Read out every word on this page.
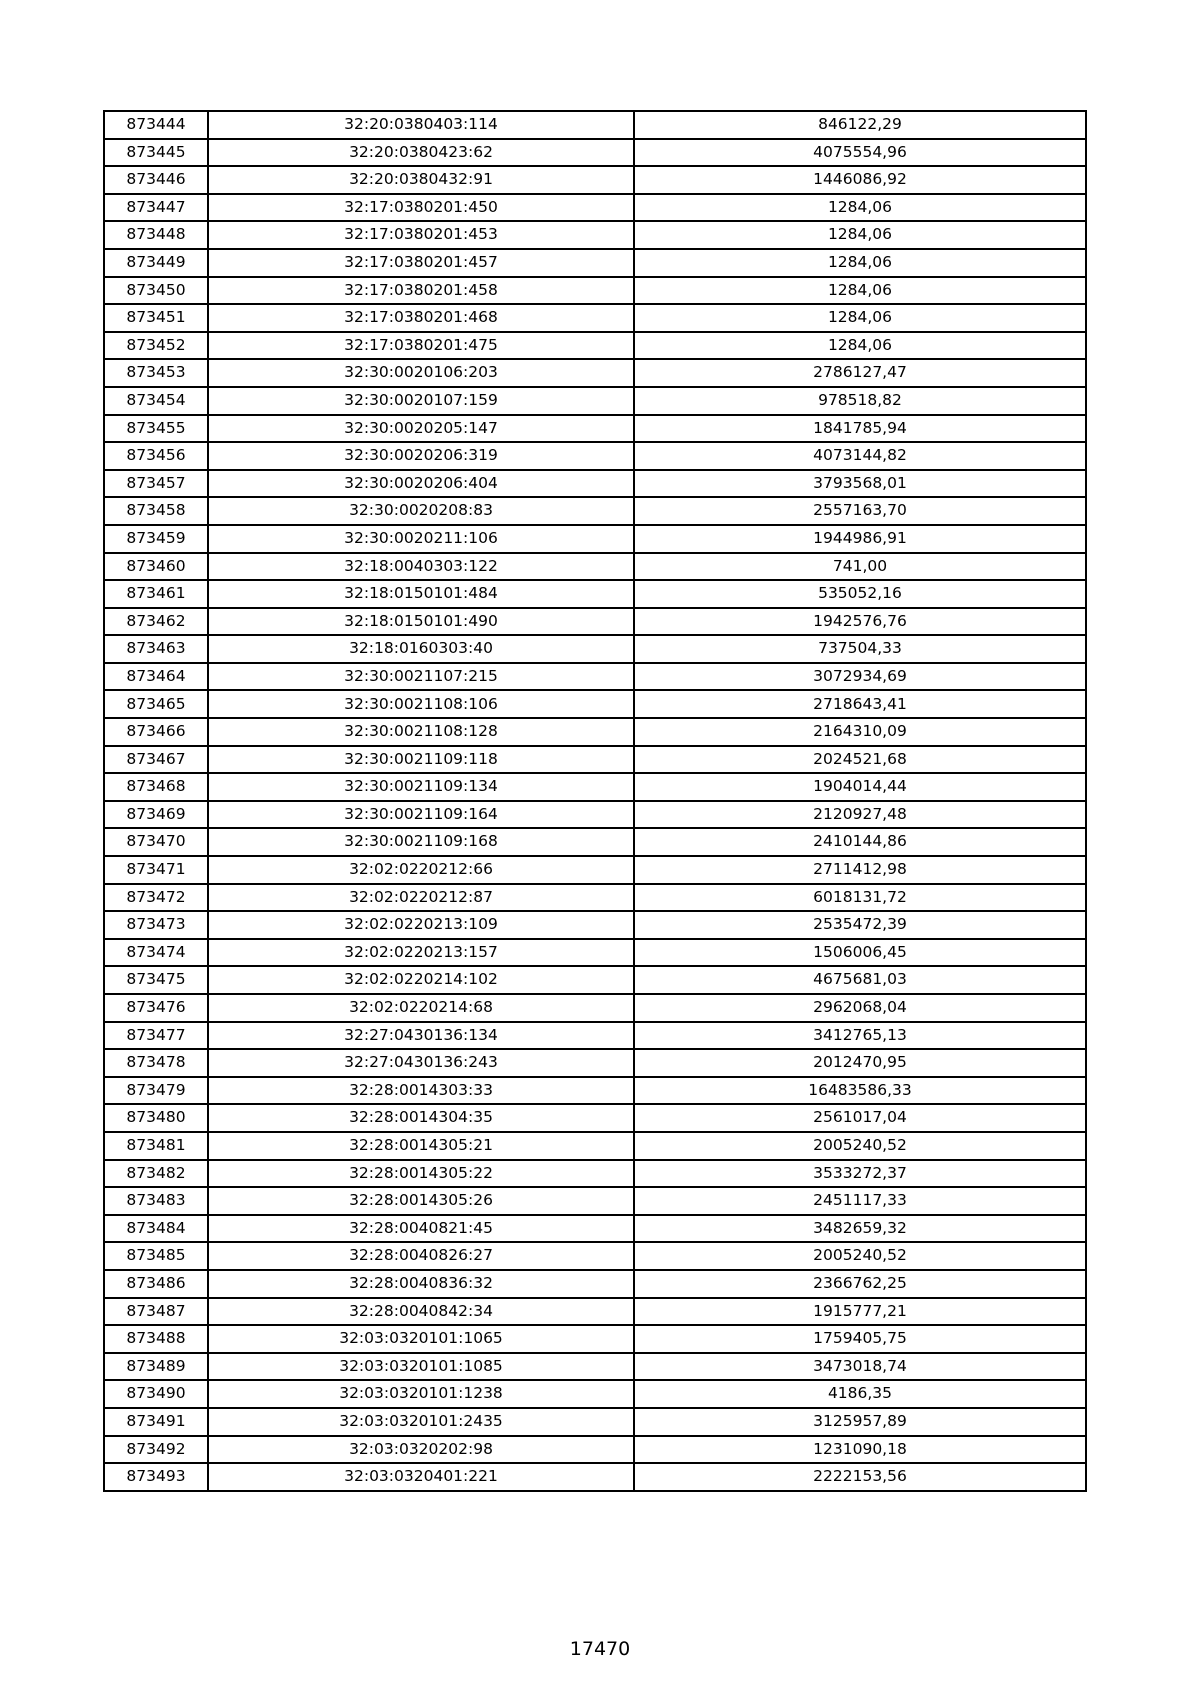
873444	32:20:0380403:114	846122,29
873445	32:20:0380423:62	4075554,96
873446	32:20:0380432:91	1446086,92
873447	32:17:0380201:450	1284,06
873448	32:17:0380201:453	1284,06
873449	32:17:0380201:457	1284,06
873450	32:17:0380201:458	1284,06
873451	32:17:0380201:468	1284,06
873452	32:17:0380201:475	1284,06
873453	32:30:0020106:203	2786127,47
873454	32:30:0020107:159	978518,82
873455	32:30:0020205:147	1841785,94
873456	32:30:0020206:319	4073144,82
873457	32:30:0020206:404	3793568,01
873458	32:30:0020208:83	2557163,70
873459	32:30:0020211:106	1944986,91
873460	32:18:0040303:122	741,00
873461	32:18:0150101:484	535052,16
873462	32:18:0150101:490	1942576,76
873463	32:18:0160303:40	737504,33
873464	32:30:0021107:215	3072934,69
873465	32:30:0021108:106	2718643,41
873466	32:30:0021108:128	2164310,09
873467	32:30:0021109:118	2024521,68
873468	32:30:0021109:134	1904014,44
873469	32:30:0021109:164	2120927,48
873470	32:30:0021109:168	2410144,86
873471	32:02:0220212:66	2711412,98
873472	32:02:0220212:87	6018131,72
873473	32:02:0220213:109	2535472,39
873474	32:02:0220213:157	1506006,45
873475	32:02:0220214:102	4675681,03
873476	32:02:0220214:68	2962068,04
873477	32:27:0430136:134	3412765,13
873478	32:27:0430136:243	2012470,95
873479	32:28:0014303:33	16483586,33
873480	32:28:0014304:35	2561017,04
873481	32:28:0014305:21	2005240,52
873482	32:28:0014305:22	3533272,37
873483	32:28:0014305:26	2451117,33
873484	32:28:0040821:45	3482659,32
873485	32:28:0040826:27	2005240,52
873486	32:28:0040836:32	2366762,25
873487	32:28:0040842:34	1915777,21
873488	32:03:0320101:1065	1759405,75
873489	32:03:0320101:1085	3473018,74
873490	32:03:0320101:1238	4186,35
873491	32:03:0320101:2435	3125957,89
873492	32:03:0320202:98	1231090,18
873493	32:03:0320401:221	2222153,56
17470
